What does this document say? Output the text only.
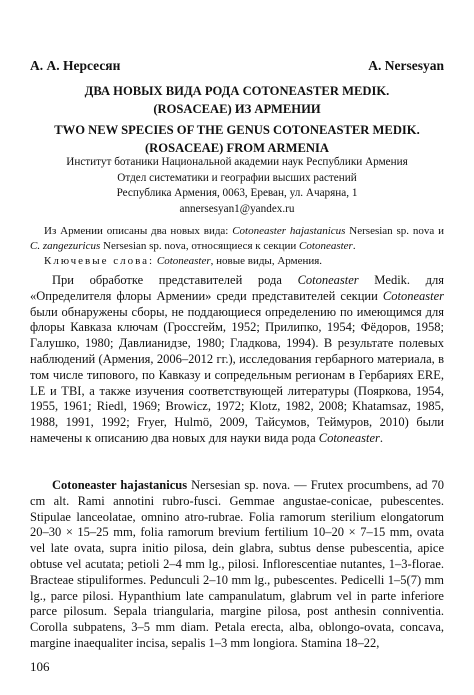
А. А. Нерсесян	A. Nersesyan
ДВА НОВЫХ ВИДА РОДА COTONEASTER MEDIK.
(ROSACEAE) ИЗ АРМЕНИИ
TWO NEW SPECIES OF THE GENUS COTONEASTER MEDIK.
(ROSACEAE) FROM ARMENIA
Институт ботаники Национальной академии наук Республики Армения
Отдел систематики и географии высших растений
Республика Армения, 0063, Ереван, ул. Ачаряна, 1
annersesyan1@yandex.ru

Из Армении описаны два новых вида: Cotoneaster hajastanicus Nersesian sp. nova и C. zangezuricus Nersesian sp. nova, относящиеся к секции Cotoneaster.

Ключевые слова: Cotoneaster, новые виды, Армения.

При обработке представителей рода Cotoneaster Medik. для «Определителя флоры Армении» среди представителей секции Cotoneaster были обнаружены сборы, не поддающиеся определению по имеющимся для флоры Кавказа ключам (Гроссгейм, 1952; Прилипко, 1954; Фёдоров, 1958; Галушко, 1980; Давлианидзе, 1980; Гладкова, 1994). В результате полевых наблюдений (Армения, 2006–2012 гг.), исследования гербарного материала, в том числе типового, по Кавказу и сопредельным регионам в Гербариях ERE, LE и TBI, а также изучения соответствующей литературы (Пояркова, 1954, 1955, 1961; Riedl, 1969; Browicz, 1972; Klotz, 1982, 2008; Khatamsaz, 1985, 1988, 1991, 1992; Fryer, Hulmö, 2009, Тайсумов, Теймуров, 2010) были намечены к описанию два новых для науки вида рода Cotoneaster.

Cotoneaster hajastanicus Nersesian sp. nova. — Frutex procumbens, ad 70 cm alt. Rami annotini rubro-fusci. Gemmae angustae-conicae, pubescentes. Stipulae lanceolatae, omnino atro-rubrae. Folia ramorum sterilium elongatorum 20–30 × 15–25 mm, folia ramorum brevium fertilium 10–20 × 7–15 mm, ovata vel late ovata, supra initio pilosa, dein glabra, subtus dense pubescentia, apice obtuse vel acutata; petioli 2–4 mm lg., pilosi. Inflorescentiae nutantes, 1–3-florae. Bracteae stipuliformes. Pedunculi 2–10 mm lg., pubescentes. Pedicelli 1–5(7) mm lg., parce pilosi. Hypanthium late campanulatum, glabrum vel in parte inferiore parce pilosum. Sepala triangularia, margine pilosa, post anthesin conniventia. Corolla subpatens, 3–5 mm diam. Petala erecta, alba, oblongo-ovata, concava, margine inaequaliter incisa, sepalis 1–3 mm longiora. Stamina 18–22,

106
